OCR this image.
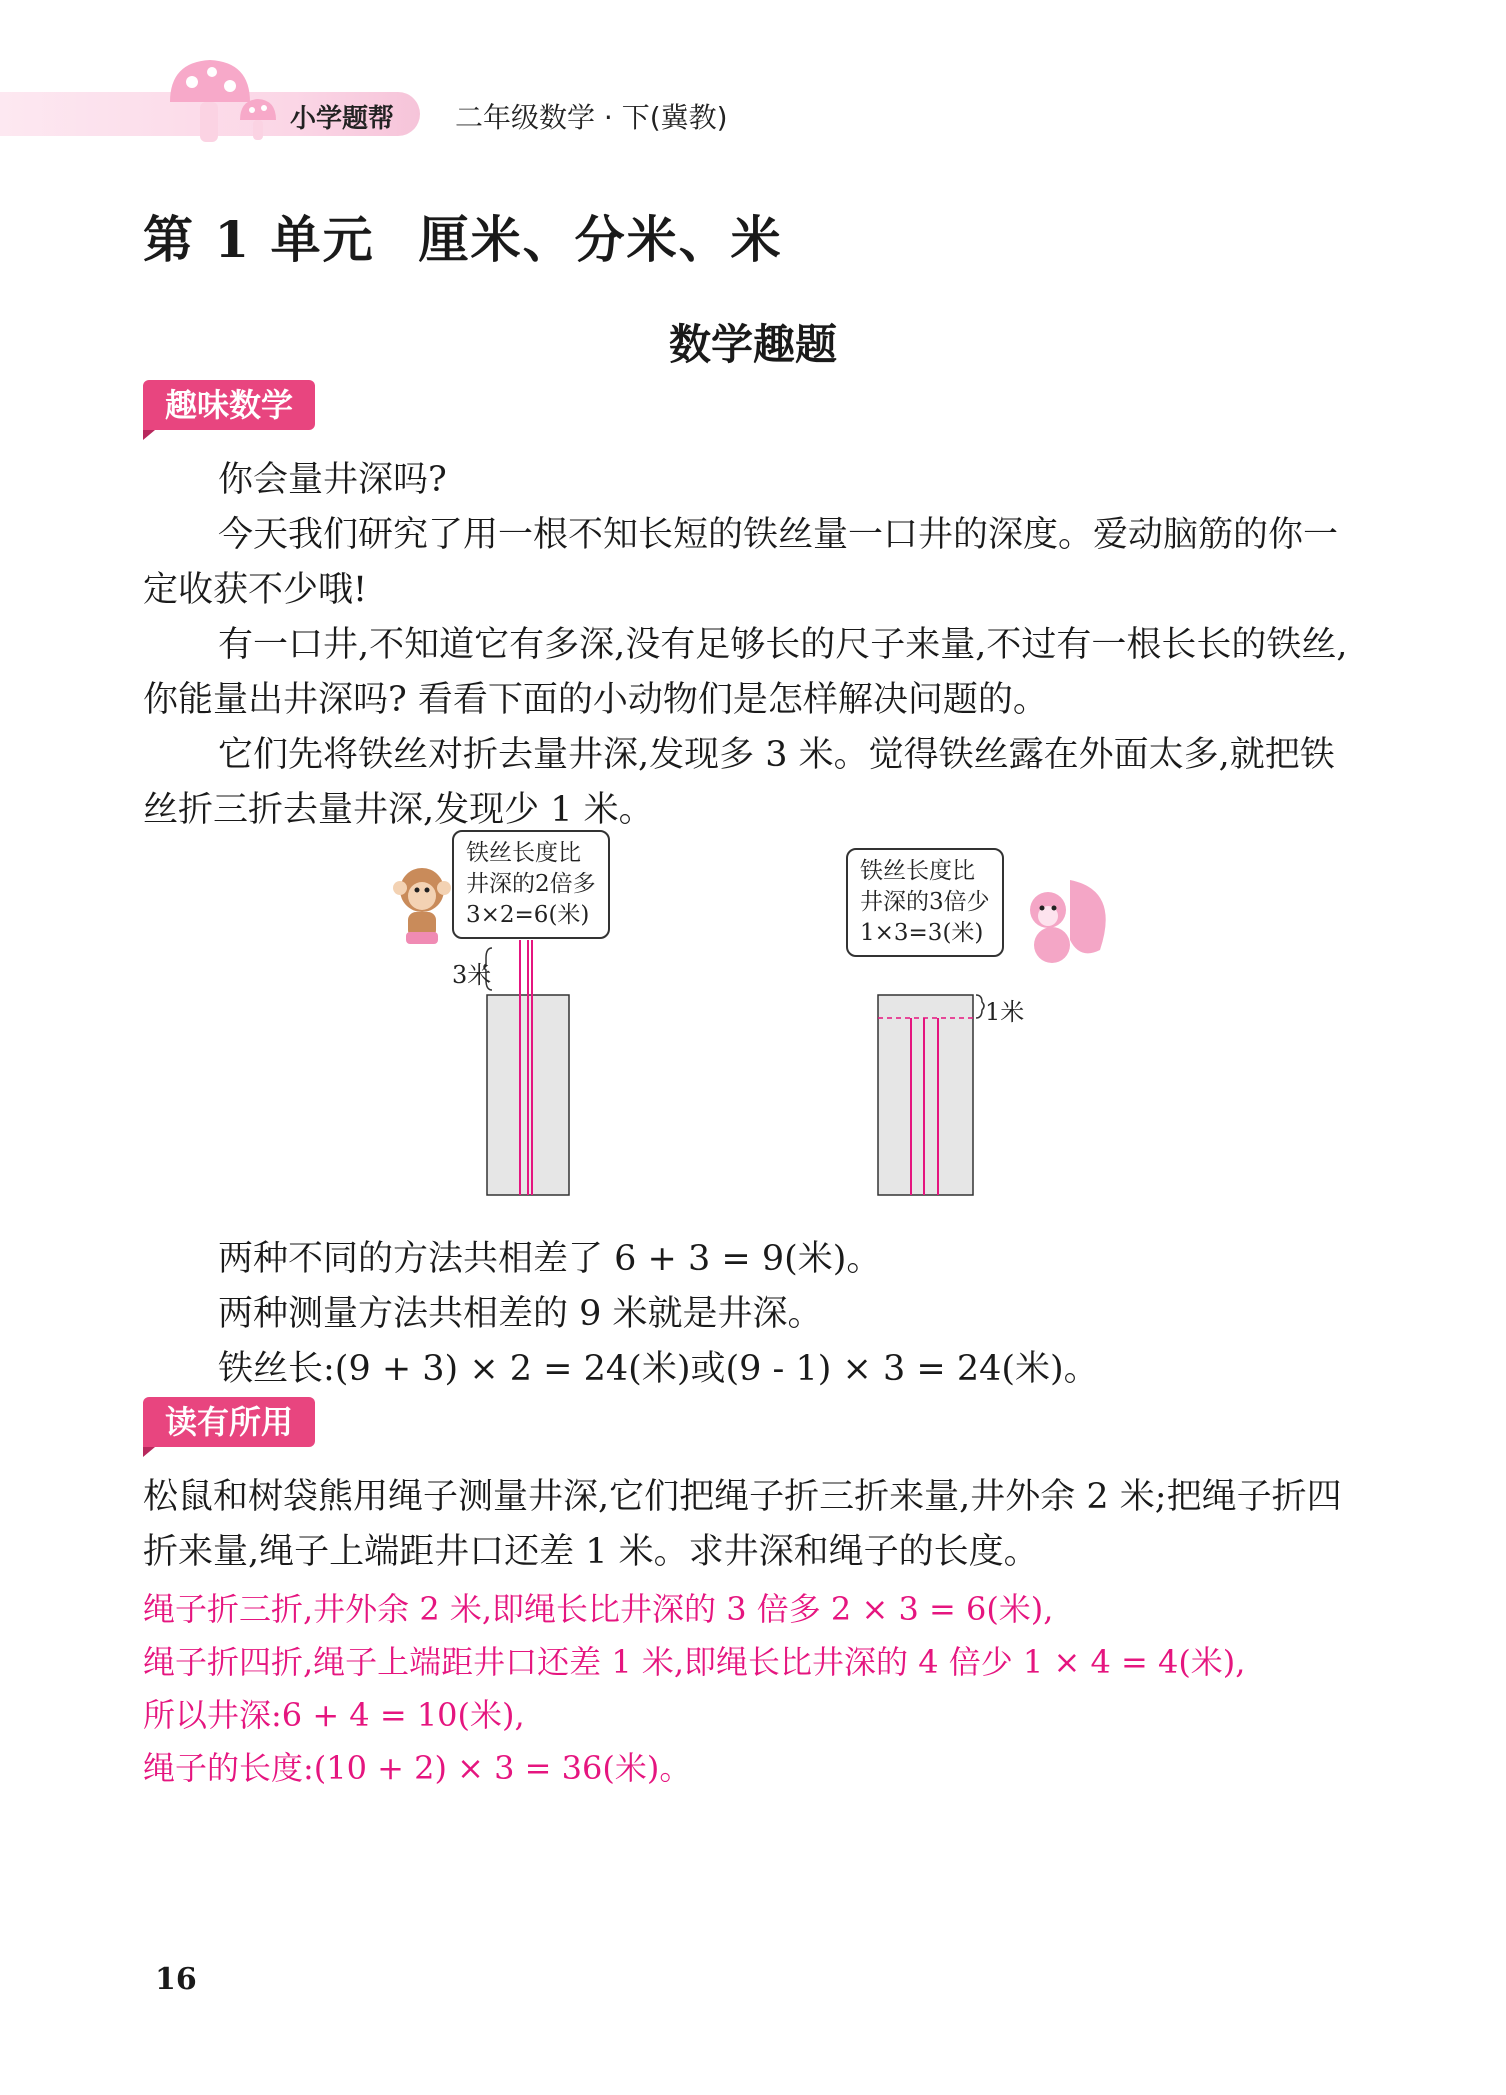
小学题帮 二年级数学 · 下(冀教)
第 1 单元 厘米、分米、米
数学趣题
趣味数学
你会量井深吗?
今天我们研究了用一根不知长短的铁丝量一口井的深度。爱动脑筋的你一定收获不少哦!
有一口井,不知道它有多深,没有足够长的尺子来量,不过有一根长长的铁丝,你能量出井深吗? 看看下面的小动物们是怎样解决问题的。
它们先将铁丝对折去量井深,发现多 3 米。觉得铁丝露在外面太多,就把铁丝折三折去量井深,发现少 1 米。
铁丝长度比
井深的2倍多
3×2=6(米)
3米
铁丝长度比
井深的3倍少
1×3=3(米)
1米
两种不同的方法共相差了 6 + 3 = 9(米)。
两种测量方法共相差的 9 米就是井深。
铁丝长:(9 + 3) × 2 = 24(米)或(9 - 1) × 3 = 24(米)。
读有所用
松鼠和树袋熊用绳子测量井深,它们把绳子折三折来量,井外余 2 米;把绳子折四折来量,绳子上端距井口还差 1 米。求井深和绳子的长度。
绳子折三折,井外余 2 米,即绳长比井深的 3 倍多 2 × 3 = 6(米),
绳子折四折,绳子上端距井口还差 1 米,即绳长比井深的 4 倍少 1 × 4 = 4(米),
所以井深:6 + 4 = 10(米),
绳子的长度:(10 + 2) × 3 = 36(米)。
16
